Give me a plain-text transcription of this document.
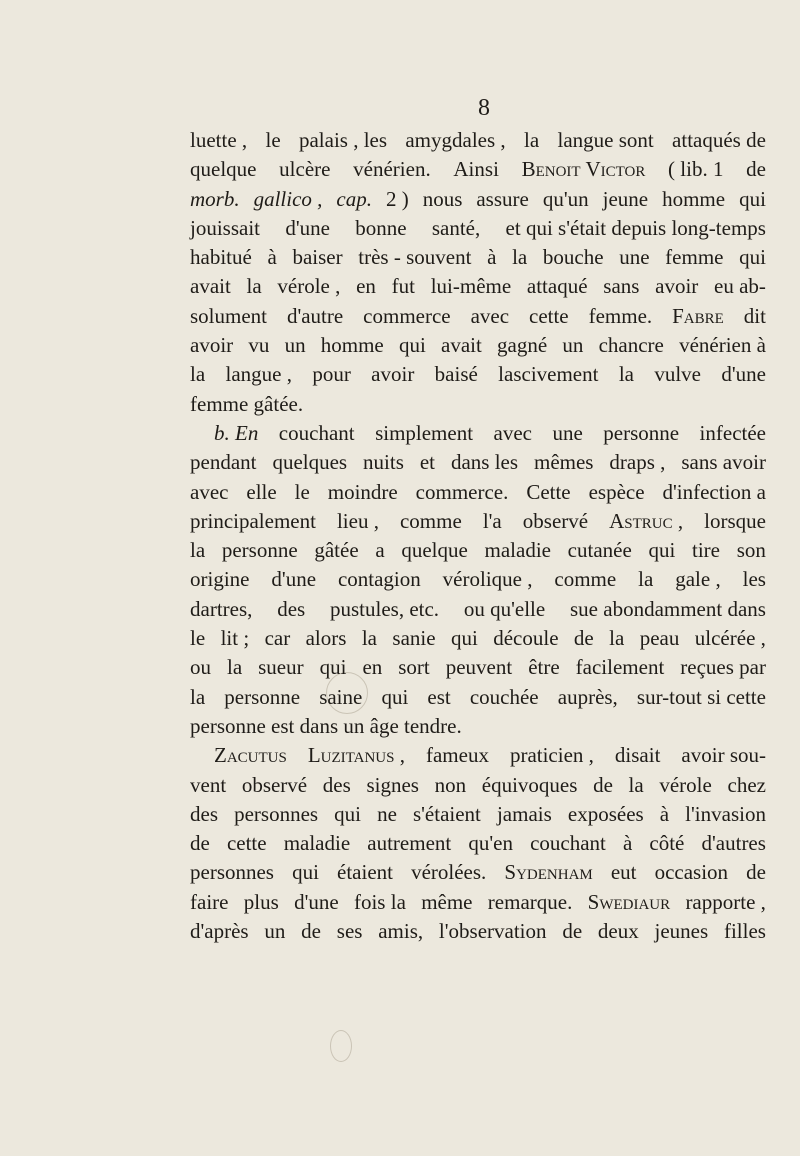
8
luette , le palais , les amygdales , la langue sont attaqués de
quelque ulcère vénérien. Ainsi Benoit Victor ( lib. 1 de
morb. gallico , cap. 2 ) nous assure qu'un jeune homme qui
jouissait d'une bonne santé, et qui s'était depuis long-temps
habitué à baiser très - souvent à la bouche une femme qui
avait la vérole , en fut lui-même attaqué sans avoir eu ab-
solument d'autre commerce avec cette femme. Fabre dit
avoir vu un homme qui avait gagné un chancre vénérien à
la langue , pour avoir baisé lascivement la vulve d'une
femme gâtée.
b. En couchant simplement avec une personne infectée
pendant quelques nuits et dans les mêmes draps , sans avoir
avec elle le moindre commerce. Cette espèce d'infection a
principalement lieu , comme l'a observé Astruc , lorsque
la personne gâtée a quelque maladie cutanée qui tire son
origine d'une contagion vérolique , comme la gale , les
dartres, des pustules, etc. ou qu'elle sue abondamment dans
le lit ; car alors la sanie qui découle de la peau ulcérée ,
ou la sueur qui en sort peuvent être facilement reçues par
la personne saine qui est couchée auprès, sur-tout si cette
personne est dans un âge tendre.
Zacutus Luzitanus , fameux praticien , disait avoir sou-
vent observé des signes non équivoques de la vérole chez
des personnes qui ne s'étaient jamais exposées à l'invasion
de cette maladie autrement qu'en couchant à côté d'autres
personnes qui étaient vérolées. Sydenham eut occasion de
faire plus d'une fois la même remarque. Swediaur rapporte ,
d'après un de ses amis, l'observation de deux jeunes filles
